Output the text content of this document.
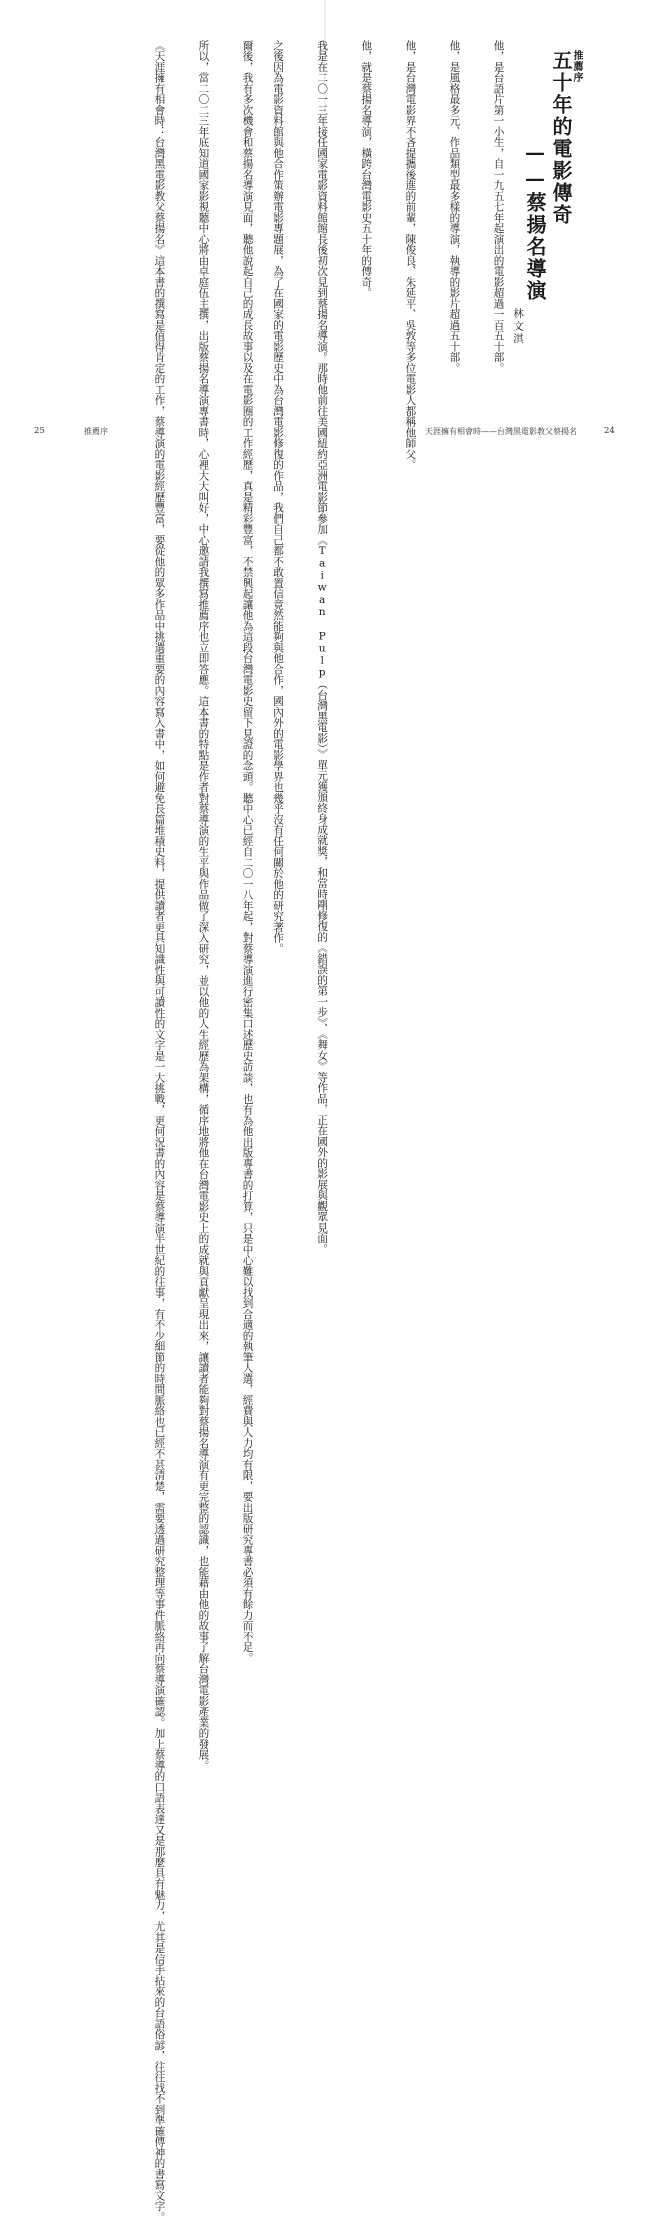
爾後，我有多次機會和蔡揚名導演見面，聽他說起自己的成長故事以及在電影圈的工作經歷，真是精彩豐富，不禁興起讓他為這段台灣電影史留下見證的念頭。聽中心已經自二〇一八年起，對蔡導演進行密集口述歷史訪談，也有為他出版專書的打算，只是中心難以找到合適的執筆人選，經費與人力均有限，要出版研究專書必須有餘力而不足。

所以，當二〇二三年底知道國家影視聽中心將由卓庭伍主撰，出版蔡揚名導演專書時，心裡大大叫好，中心邀請我撰寫推薦序也立即答應。這本書的特點是作者對蔡導演的生平與作品做了深入研究，並以他的人生經歷為架構，循序地將他在台灣電影史上的成就與貢獻呈現出來，讓讀者能夠對蔡揚名導演有更完整的認識，也能藉由他的故事了解台灣電影產業的發展。

《天涯擁有相會時：台灣黑電影教父蔡揚名》這本書的撰寫是值得肯定的工作，蔡導演的電影經歷豐富，要從他的眾多作品中挑選重要的內容寫入書中，如何避免長篇堆積史料，提供讀者更具知識性與可讀性的文字是一大挑戰，更何況書的內容是蔡導演半世紀的往事，有不少細節的時間脈絡也已經不甚清楚，需要透過研究整理等事件脈絡再向蔡導演確認。加上蔡導的口語表達又是那麼具有魅力，尤其是信手拈來的台語俗諺，往往找不到準確傳神的書寫文字。

25	推薦序
推薦序
五十年的電影傳奇
——蔡揚名導演
林文淇

他，是台語片第一小生，自一九五七年起演出的電影超過一百五十部。

他，是風格最多元、作品類型最多樣的導演，執導的影片超過五十部。

他，是台灣電影界不吝提攜後進的前輩，陳俊良、朱延平、吳敦等多位電影人都稱他師父。

他，就是蔡揚名導演，橫跨台灣電影史五十年的傳奇。

我是在二〇一三年接任國家電影資料館館長後初次見到蔡揚名導演。那時他前往美國紐約亞洲電影節參加《Taiwan Pulp（台灣黑電影）》單元獲頒終身成就獎，和當時剛修復的《錯誤的第一步》、《舞女》等作品，正在國外的影展與觀眾見面。

之後因為電影資料館與他合作策辦電影專題展，為了在國家的電影歷史中為台灣電影修復的作品，我們自己都不敢置信竟然能夠與他合作，國內外的電影學界也幾乎沒有任何關於他的研究著作。

	天涯擁有相會時——台灣黑電影教父蔡揚名	24
